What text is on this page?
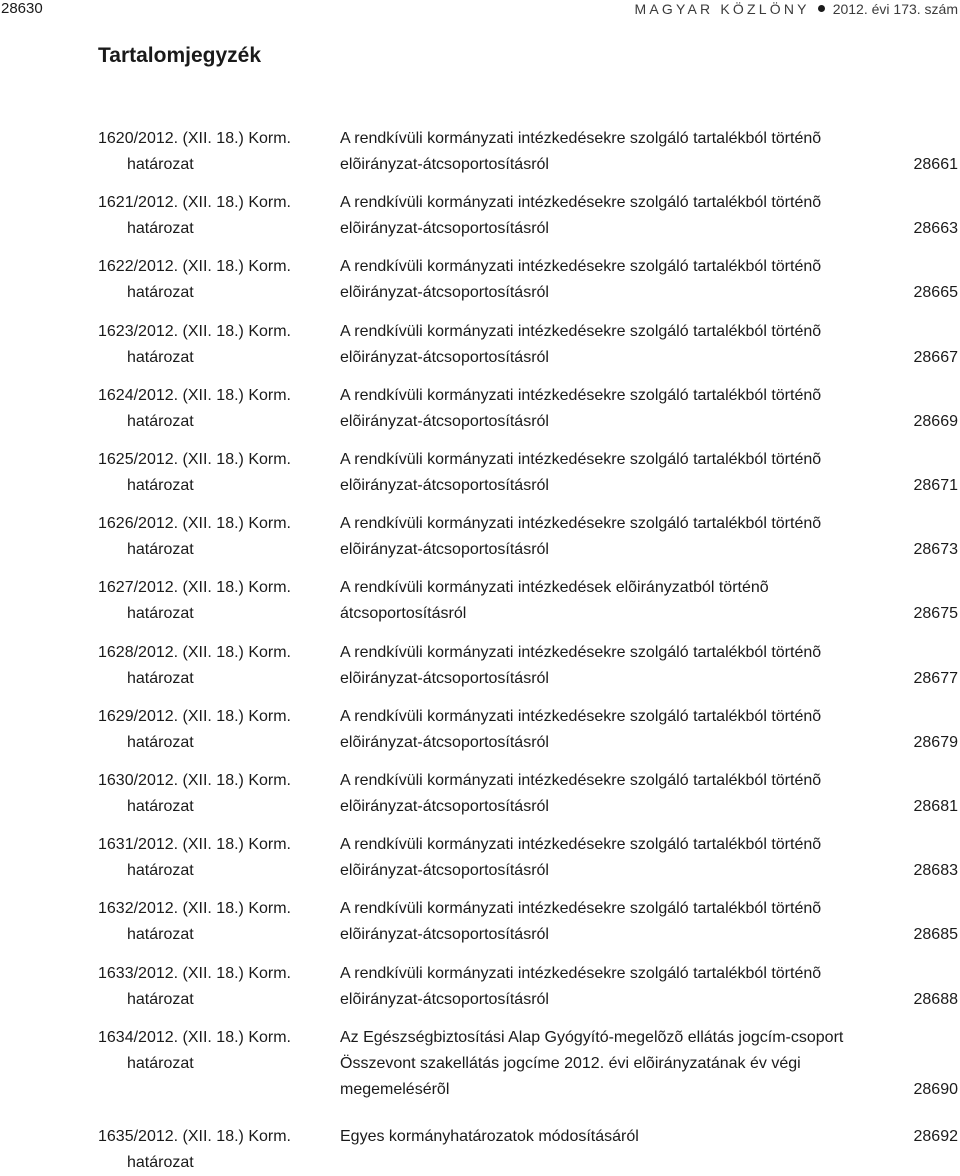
28630	MAGYAR KÖZLÖNY 2012. évi 173. szám
Tartalomjegyzék
1620/2012. (XII. 18.) Korm.
határozat
A rendkívüli kormányzati intézkedésekre szolgáló tartalékból történõ
elõirányzat-átcsoportosításról	28661
1621/2012. (XII. 18.) Korm.
határozat
A rendkívüli kormányzati intézkedésekre szolgáló tartalékból történõ
elõirányzat-átcsoportosításról	28663
1622/2012. (XII. 18.) Korm.
határozat
A rendkívüli kormányzati intézkedésekre szolgáló tartalékból történõ
elõirányzat-átcsoportosításról	28665
1623/2012. (XII. 18.) Korm.
határozat
A rendkívüli kormányzati intézkedésekre szolgáló tartalékból történõ
elõirányzat-átcsoportosításról	28667
1624/2012. (XII. 18.) Korm.
határozat
A rendkívüli kormányzati intézkedésekre szolgáló tartalékból történõ
elõirányzat-átcsoportosításról	28669
1625/2012. (XII. 18.) Korm.
határozat
A rendkívüli kormányzati intézkedésekre szolgáló tartalékból történõ
elõirányzat-átcsoportosításról	28671
1626/2012. (XII. 18.) Korm.
határozat
A rendkívüli kormányzati intézkedésekre szolgáló tartalékból történõ
elõirányzat-átcsoportosításról	28673
1627/2012. (XII. 18.) Korm.
határozat
A rendkívüli kormányzati intézkedések elõirányzatból történõ
átcsoportosításról	28675
1628/2012. (XII. 18.) Korm.
határozat
A rendkívüli kormányzati intézkedésekre szolgáló tartalékból történõ
elõirányzat-átcsoportosításról	28677
1629/2012. (XII. 18.) Korm.
határozat
A rendkívüli kormányzati intézkedésekre szolgáló tartalékból történõ
elõirányzat-átcsoportosításról	28679
1630/2012. (XII. 18.) Korm.
határozat
A rendkívüli kormányzati intézkedésekre szolgáló tartalékból történõ
elõirányzat-átcsoportosításról	28681
1631/2012. (XII. 18.) Korm.
határozat
A rendkívüli kormányzati intézkedésekre szolgáló tartalékból történõ
elõirányzat-átcsoportosításról	28683
1632/2012. (XII. 18.) Korm.
határozat
A rendkívüli kormányzati intézkedésekre szolgáló tartalékból történõ
elõirányzat-átcsoportosításról	28685
1633/2012. (XII. 18.) Korm.
határozat
A rendkívüli kormányzati intézkedésekre szolgáló tartalékból történõ
elõirányzat-átcsoportosításról	28688
1634/2012. (XII. 18.) Korm.
határozat
Az Egészségbiztosítási Alap Gyógyító-megelõzõ ellátás jogcím-csoport
Összevont szakellátás jogcíme 2012. évi elõirányzatának év végi
megemelésérõl	28690
1635/2012. (XII. 18.) Korm.
határozat
Egyes kormányhatározatok módosításáról	28692
